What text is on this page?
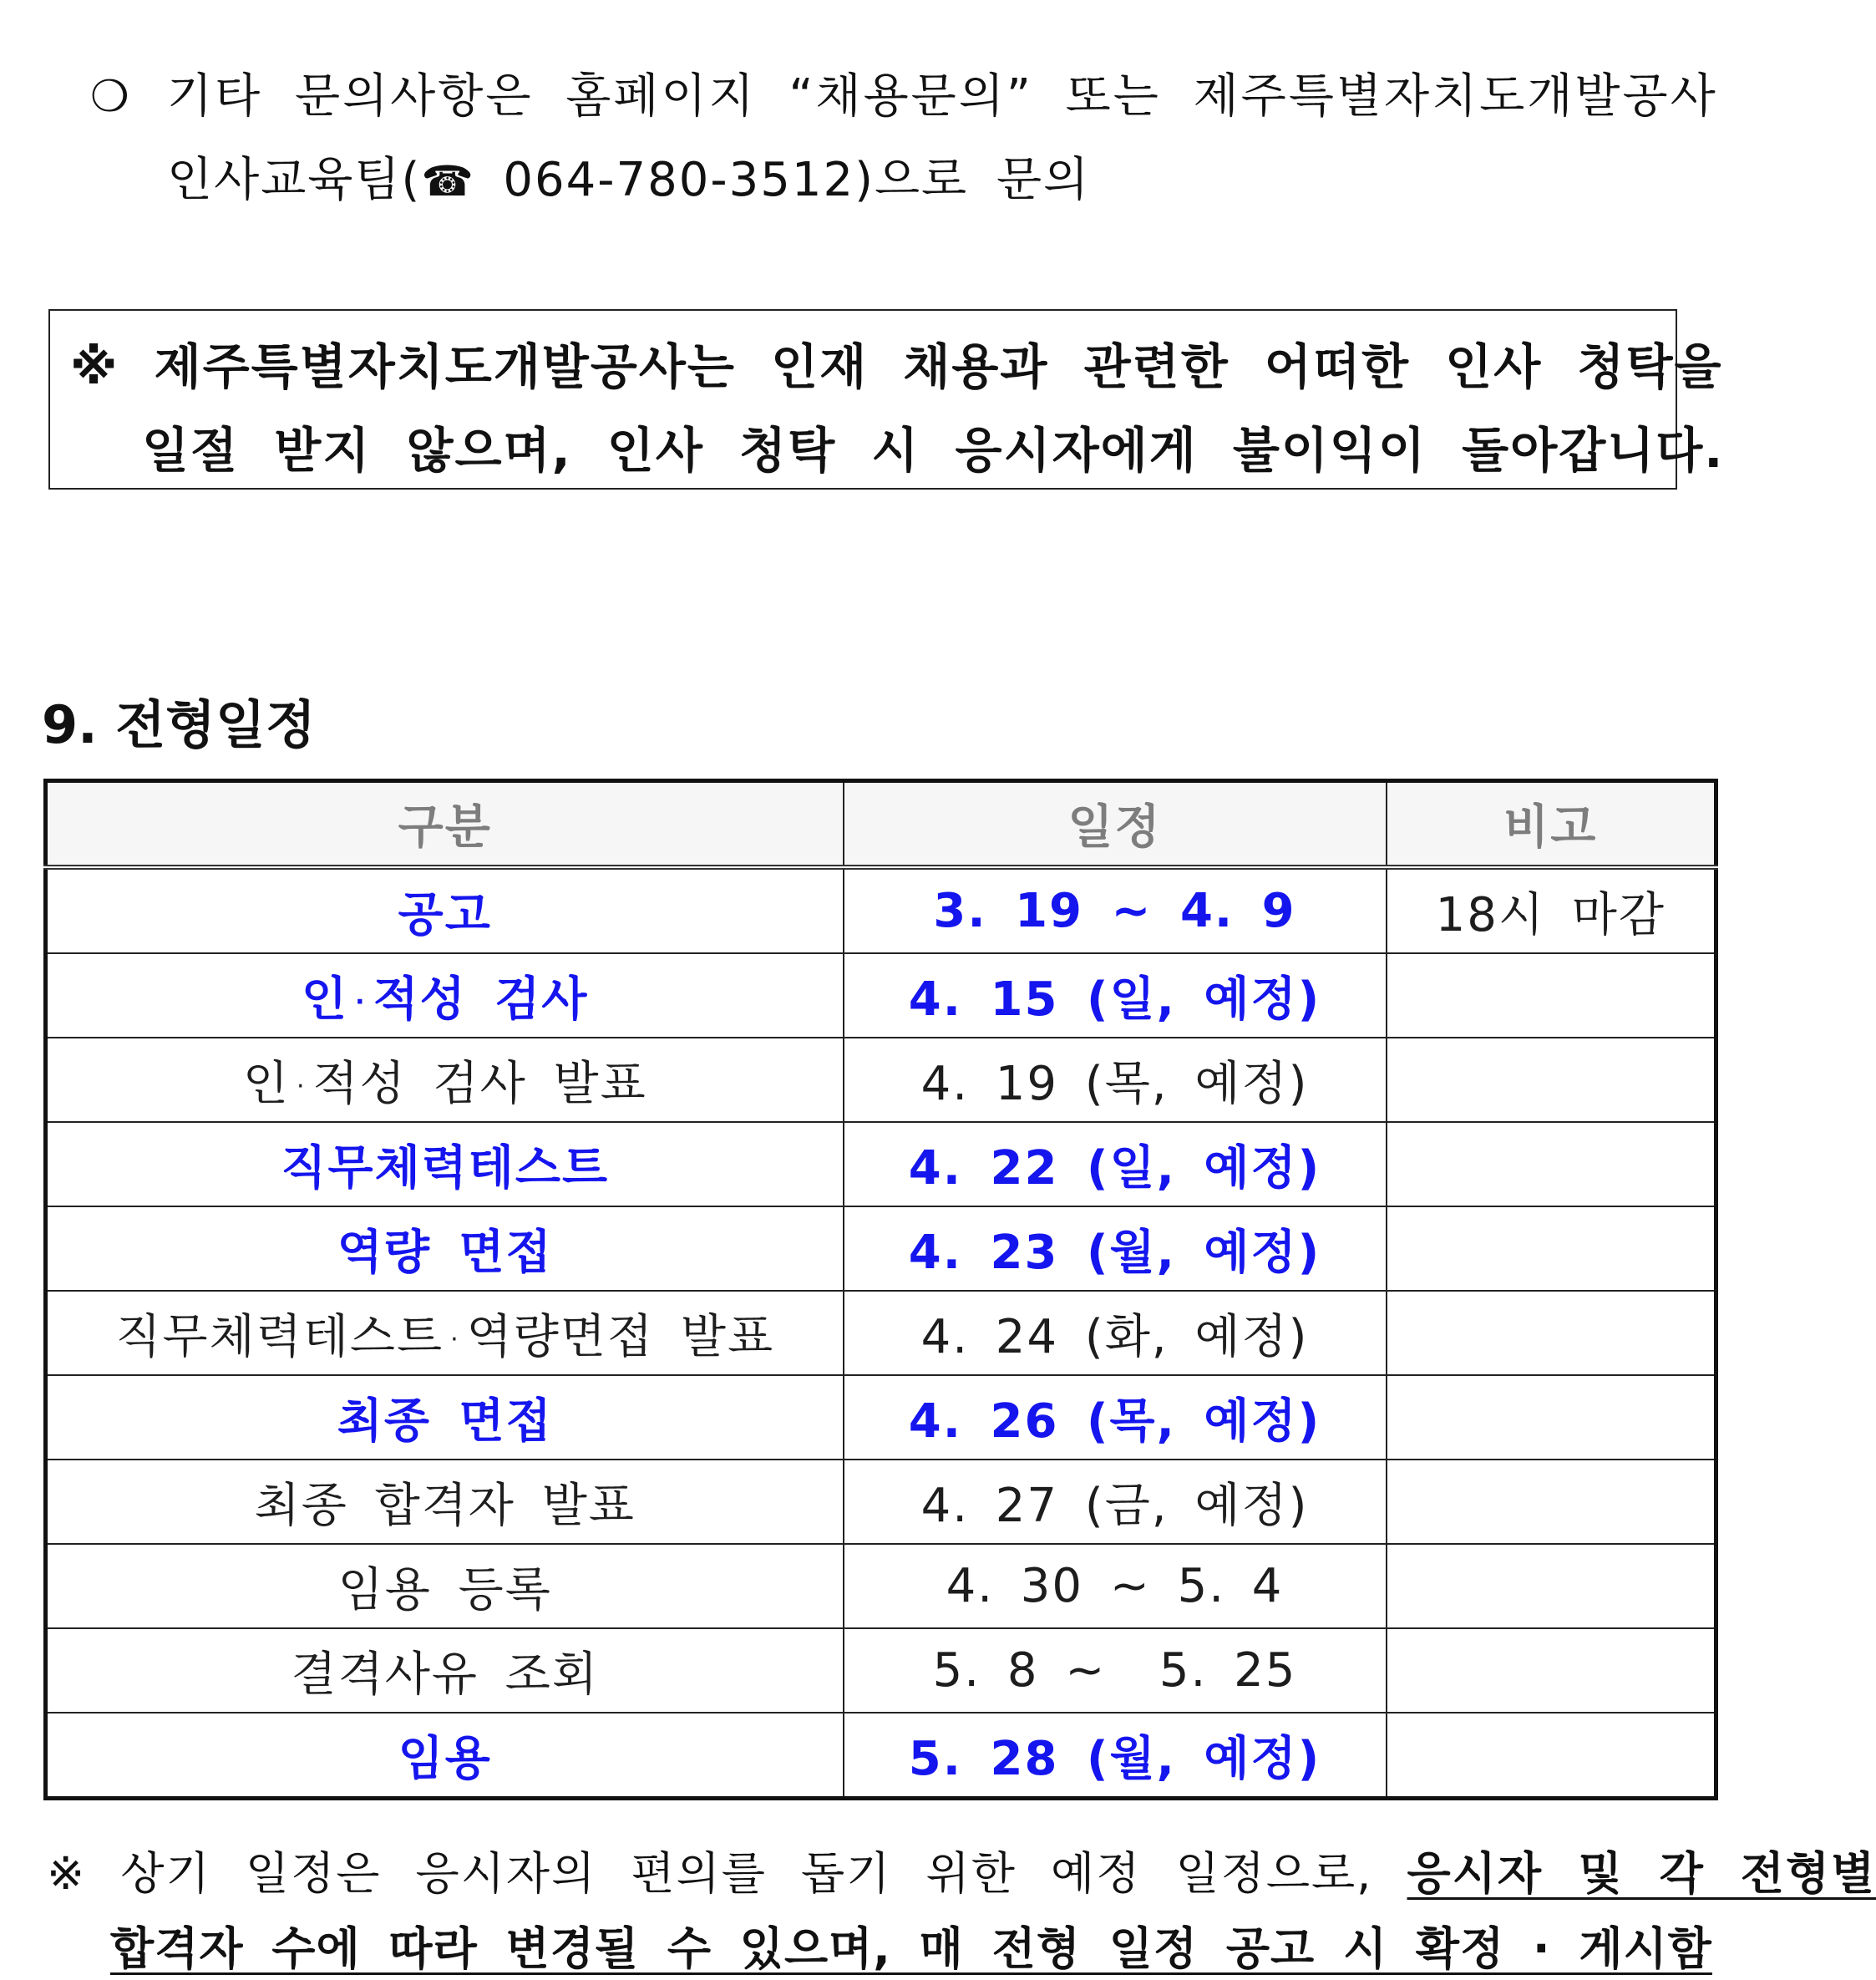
❍ 기타 문의사항은 홈페이지 “채용문의” 또는 제주특별자치도개발공사
인사교육팀(☎ 064-780-3512)으로 문의
※ 제주특별자치도개발공사는 인재 채용과 관련한 어떠한 인사 청탁을
일절 받지 않으며, 인사 청탁 시 응시자에게 불이익이 돌아갑니다.
9. 전형일정
구분	일정	비고
공고	3. 19 ~ 4. 9	18시 마감
인 · 적성 검사	4. 15 (일, 예정)	
인 · 적성 검사 발표	4. 19 (목, 예정)	
직무체력테스트	4. 22 (일, 예정)	
역량 면접	4. 23 (월, 예정)	
직무체력테스트 · 역량면접 발표	4. 24 (화, 예정)	
최종 면접	4. 26 (목, 예정)	
최종 합격자 발표	4. 27 (금, 예정)	
임용 등록	4. 30 ~ 5. 4	
결격사유 조회	5. 8 ~  5. 25	
임용	5. 28 (월, 예정)	
※ 상기 일정은 응시자의 편의를 돕기 위한 예정 일정으로, 응시자 및 각 전형별
합격자 수에 따라 변경될 수 있으며, 매 전형 일정 공고 시 확정 · 게시함
